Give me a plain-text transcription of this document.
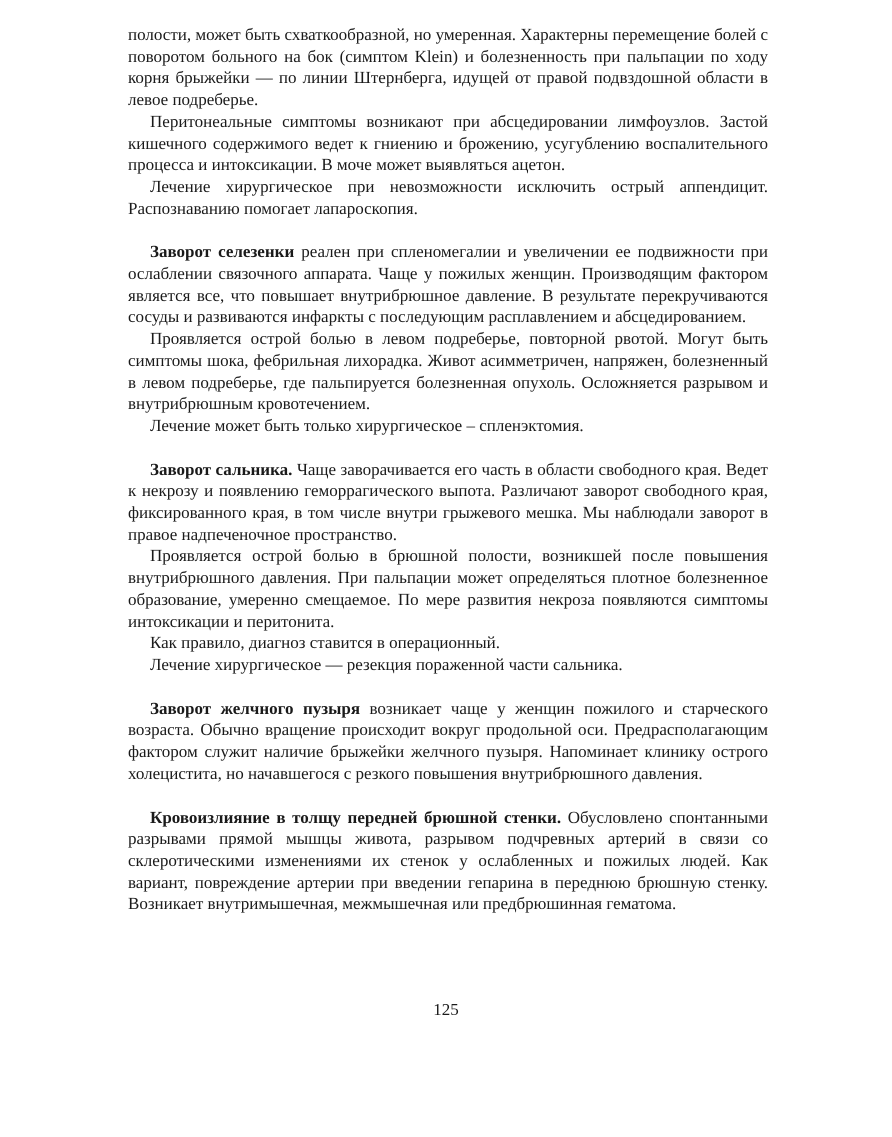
полости, может быть схваткообразной, но умеренная. Характерны перемещение болей с поворотом больного на бок (симптом Klein) и болезненность при пальпации по ходу корня брыжейки — по линии Штернберга, идущей от правой подвздошной области в левое подреберье.

Перитонеальные симптомы возникают при абсцедировании лимфоузлов. Застой кишечного содержимого ведет к гниению и брожению, усугублению воспалительного процесса и интоксикации. В моче может выявляться ацетон.

Лечение хирургическое при невозможности исключить острый аппендицит. Распознаванию помогает лапароскопия.

Заворот селезенки реален при спленомегалии и увеличении ее подвижности при ослаблении связочного аппарата. Чаще у пожилых женщин. Производящим фактором является все, что повышает внутрибрюшное давление. В результате перекручиваются сосуды и развиваются инфаркты с последующим расплавлением и абсцедированием.

Проявляется острой болью в левом подреберье, повторной рвотой. Могут быть симптомы шока, фебрильная лихорадка. Живот асимметричен, напряжен, болезненный в левом подреберье, где пальпируется болезненная опухоль. Осложняется разрывом и внутрибрюшным кровотечением.

Лечение может быть только хирургическое – спленэктомия.

Заворот сальника. Чаще заворачивается его часть в области свободного края. Ведет к некрозу и появлению геморрагического выпота. Различают заворот свободного края, фиксированного края, в том числе внутри грыжевого мешка. Мы наблюдали заворот в правое надпеченочное пространство.

Проявляется острой болью в брюшной полости, возникшей после повышения внутрибрюшного давления. При пальпации может определяться плотное болезненное образование, умеренно смещаемое. По мере развития некроза появляются симптомы интоксикации и перитонита.

Как правило, диагноз ставится в операционный.

Лечение хирургическое — резекция пораженной части сальника.

Заворот желчного пузыря возникает чаще у женщин пожилого и старческого возраста. Обычно вращение происходит вокруг продольной оси. Предрасполагающим фактором служит наличие брыжейки желчного пузыря. Напоминает клинику острого холецистита, но начавшегося с резкого повышения внутрибрюшного давления.

Кровоизлияние в толщу передней брюшной стенки. Обусловлено спонтанными разрывами прямой мышцы живота, разрывом подчревных артерий в связи со склеротическими изменениями их стенок у ослабленных и пожилых людей. Как вариант, повреждение артерии при введении гепарина в переднюю брюшную стенку. Возникает внутримышечная, межмышечная или предбрюшинная гематома.

125
